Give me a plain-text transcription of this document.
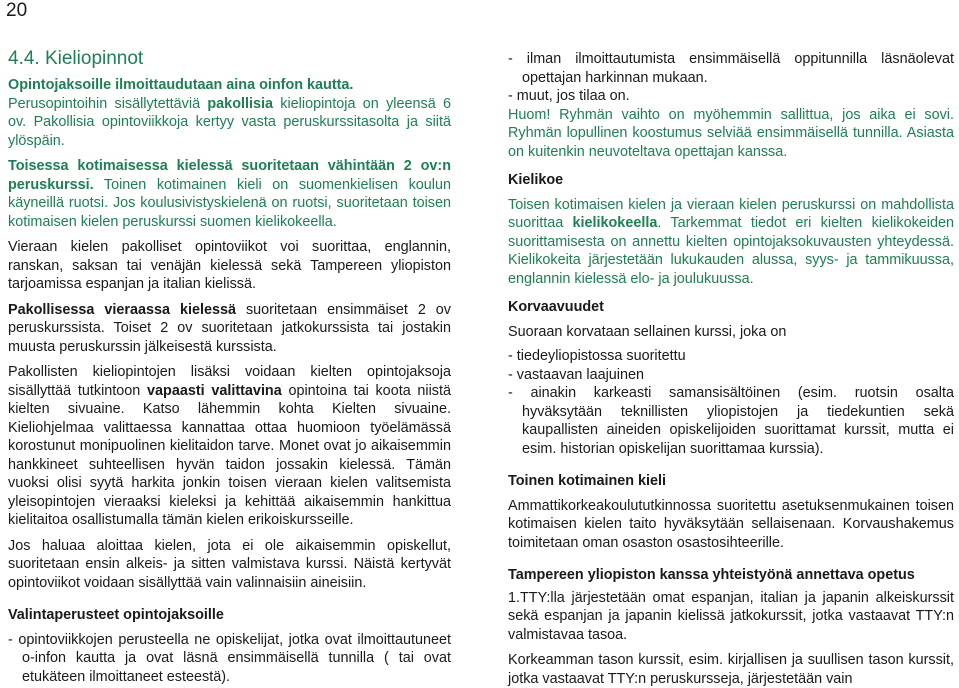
20
4.4. Kieliopinnot

Opintojaksoille ilmoittaudutaan aina oinfon kautta.

Perusopintoihin sisällytettäviä pakollisia kieliopintoja on yleensä 6 ov. Pakollisia opintoviikkoja kertyy vasta peruskurssitasolta ja siitä ylöspäin.

Toisessa kotimaisessa kielessä suoritetaan vähintään 2 ov:n peruskurssi. Toinen kotimainen kieli on suomenkielisen koulun käyneillä ruotsi. Jos koulusivistyskielenä on ruotsi, suoritetaan toisen kotimaisen kielen peruskurssi suomen kielikokeella.

Vieraan kielen pakolliset opintoviikot voi suorittaa, englannin, ranskan, saksan tai venäjän kielessä sekä Tampereen yliopiston tarjoamissa espanjan ja italian kielissä.

Pakollisessa vieraassa kielessä suoritetaan ensimmäiset 2 ov peruskurssista. Toiset 2 ov suoritetaan jatkokurssista tai jostakin muusta peruskurssin jälkeisestä kurssista.

Pakollisten kieliopintojen lisäksi voidaan kielten opintojaksoja sisällyttää tutkintoon vapaasti valittavina opintoina tai koota niistä kielten sivuaine. Katso lähemmin kohta Kielten sivuaine. Kieliohjelmaa valittaessa kannattaa ottaa huomioon työelämässä korostunut monipuolinen kielitaidon tarve. Monet ovat jo aikaisemmin hankkineet suhteellisen hyvän taidon jossakin kielessä. Tämän vuoksi olisi syytä harkita jonkin toisen vieraan kielen valitsemista yleisopintojen vieraaksi kieleksi ja kehittää aikaisemmin hankittua kielitaitoa osallistumalla tämän kielen erikoiskursseille.

Jos haluaa aloittaa kielen, jota ei ole aikaisemmin opiskellut, suoritetaan ensin alkeis- ja sitten valmistava kurssi. Näistä kertyvät opintoviikot voidaan sisällyttää vain valinnaisiin aineisiin.

Valintaperusteet opintojaksoille
- opintoviikkojen perusteella ne opiskelijat, jotka ovat ilmoittautuneet o-infon kautta ja ovat läsnä ensimmäisellä tunnilla ( tai ovat etukäteen ilmoittaneet esteestä).
- ilman ilmoittautumista ensimmäisellä oppitunnilla läsnäolevat opettajan harkinnan mukaan.
- muut, jos tilaa on.

Huom! Ryhmän vaihto on myöhemmin sallittua, jos aika ei sovi. Ryhmän lopullinen koostumus selviää ensimmäisellä tunnilla. Asiasta on kuitenkin neuvoteltava opettajan kanssa.

Kielikoe

Toisen kotimaisen kielen ja vieraan kielen peruskurssi on mahdollista suorittaa kielikokeella. Tarkemmat tiedot eri kielten kielikokeiden suorittamisesta on annettu kielten opintojaksokuvausten yhteydessä. Kielikokeita järjestetään lukukauden alussa, syys- ja tammikuussa, englannin kielessä elo- ja joulukuussa.

Korvaavuudet

Suoraan korvataan sellainen kurssi, joka on

- tiedeyliopistossa suoritettu
- vastaavan laajuinen
- ainakin karkeasti samansisältöinen (esim. ruotsin osalta hyväksytään teknillisten yliopistojen ja tiedekuntien sekä kaupallisten aineiden opiskelijoiden suorittamat kurssit, mutta ei esim. historian opiskelijan suorittamaa kurssia).
Toinen kotimainen kieli

Ammattikorkeakoulututkinnossa suoritettu asetuksenmukainen toisen kotimaisen kielen taito hyväksytään sellaisenaan. Korvaushakemus toimitetaan oman osaston osastosihteerille.

Tampereen yliopiston kanssa yhteistyönä annettava opetus

1.TTY:lla järjestetään omat espanjan, italian ja japanin alkeiskurssit sekä espanjan ja japanin kielissä jatkokurssit, jotka vastaavat TTY:n valmistavaa tasoa.

Korkeamman tason kurssit, esim. kirjallisen ja suullisen tason kurssit, jotka vastaavat TTY:n peruskursseja, järjestetään vain
